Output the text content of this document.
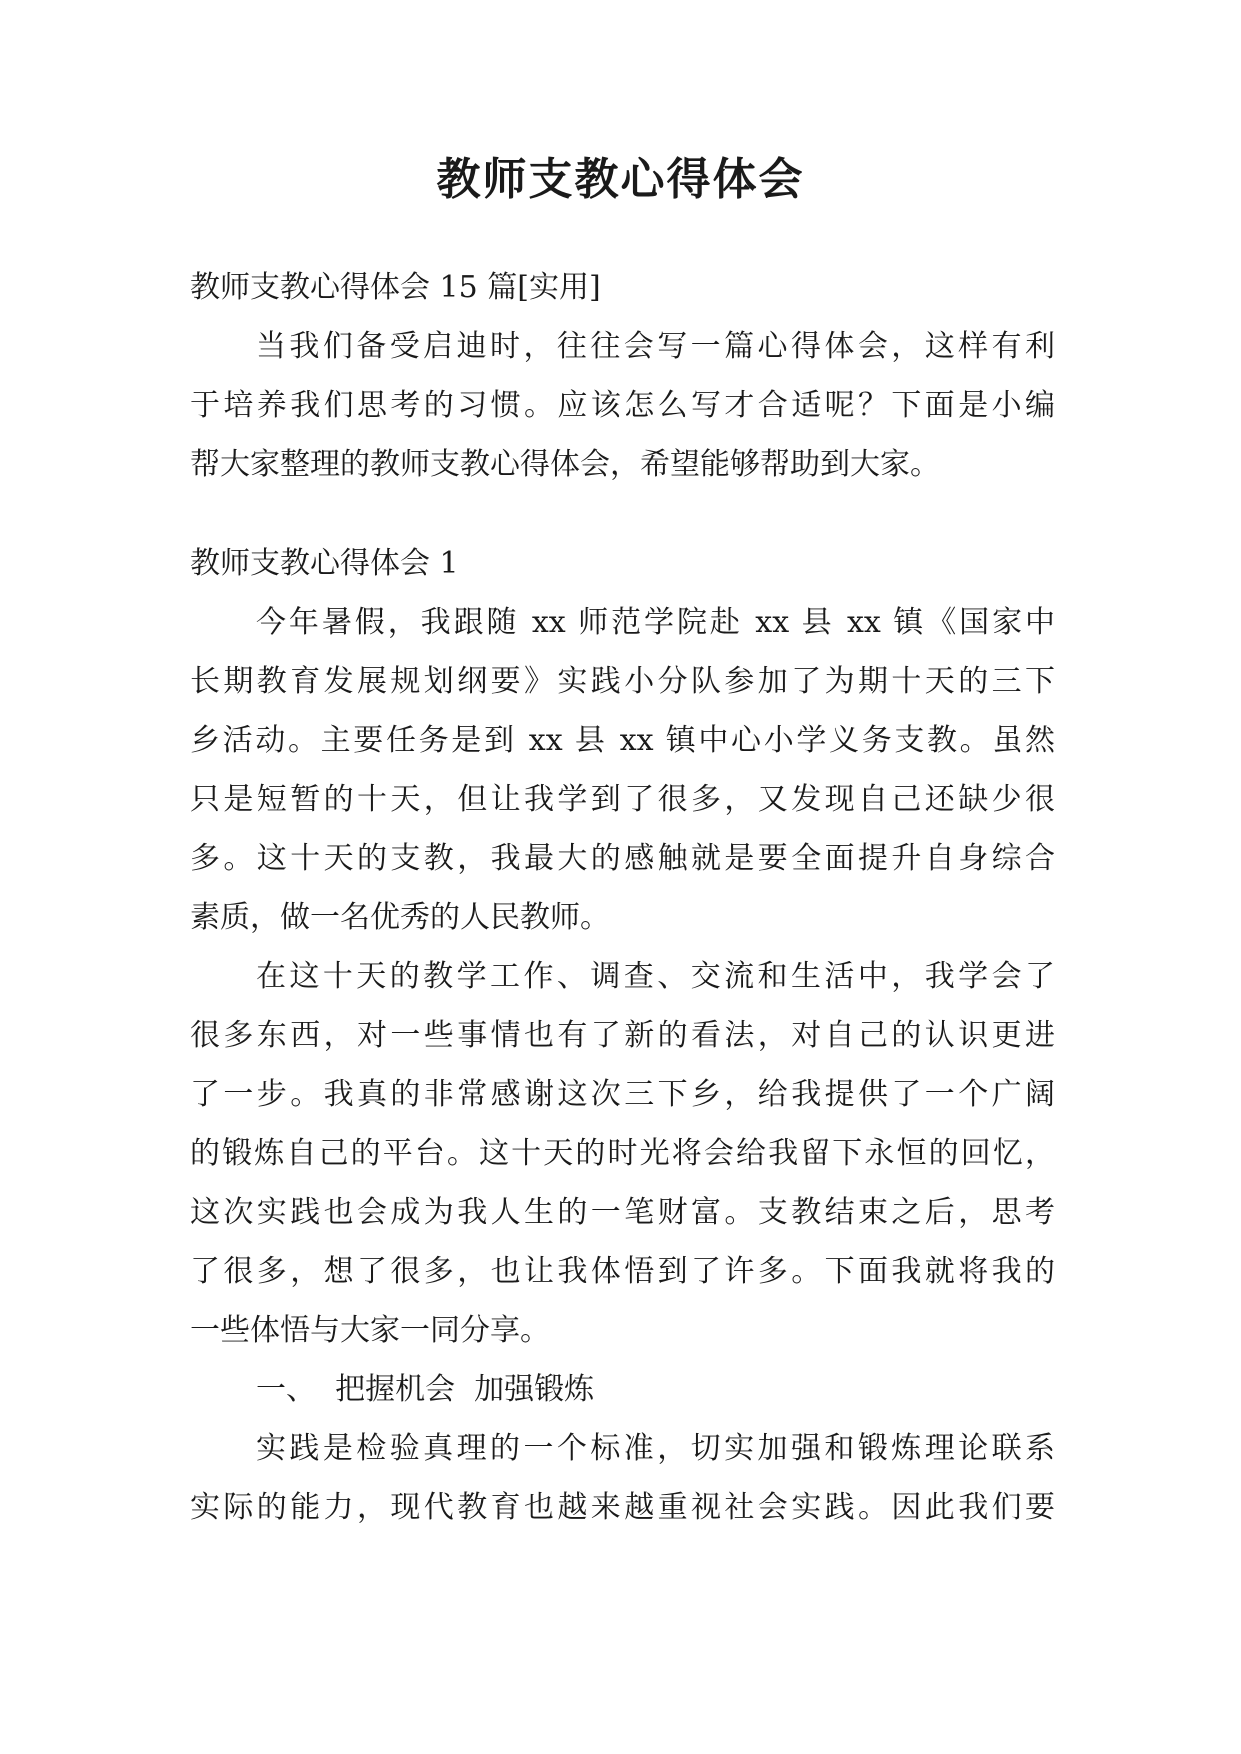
教师支教心得体会
教师支教心得体会 15 篇[实用]
当我们备受启迪时，往往会写一篇心得体会，这样有利
于培养我们思考的习惯。应该怎么写才合适呢？下面是小编
帮大家整理的教师支教心得体会，希望能够帮助到大家。
教师支教心得体会 1
今年暑假，我跟随 xx 师范学院赴 xx 县 xx 镇《国家中
长期教育发展规划纲要》实践小分队参加了为期十天的三下
乡活动。主要任务是到 xx 县 xx 镇中心小学义务支教。虽然
只是短暂的十天，但让我学到了很多，又发现自己还缺少很
多。这十天的支教，我最大的感触就是要全面提升自身综合
素质，做一名优秀的人民教师。
在这十天的教学工作、调查、交流和生活中，我学会了
很多东西，对一些事情也有了新的看法，对自己的认识更进
了一步。我真的非常感谢这次三下乡，给我提供了一个广阔
的锻炼自己的平台。这十天的时光将会给我留下永恒的回忆，
这次实践也会成为我人生的一笔财富。支教结束之后，思考
了很多，想了很多，也让我体悟到了许多。下面我就将我的
一些体悟与大家一同分享。
一、  把握机会  加强锻炼
实践是检验真理的一个标准，切实加强和锻炼理论联系
实际的能力，现代教育也越来越重视社会实践。因此我们要
